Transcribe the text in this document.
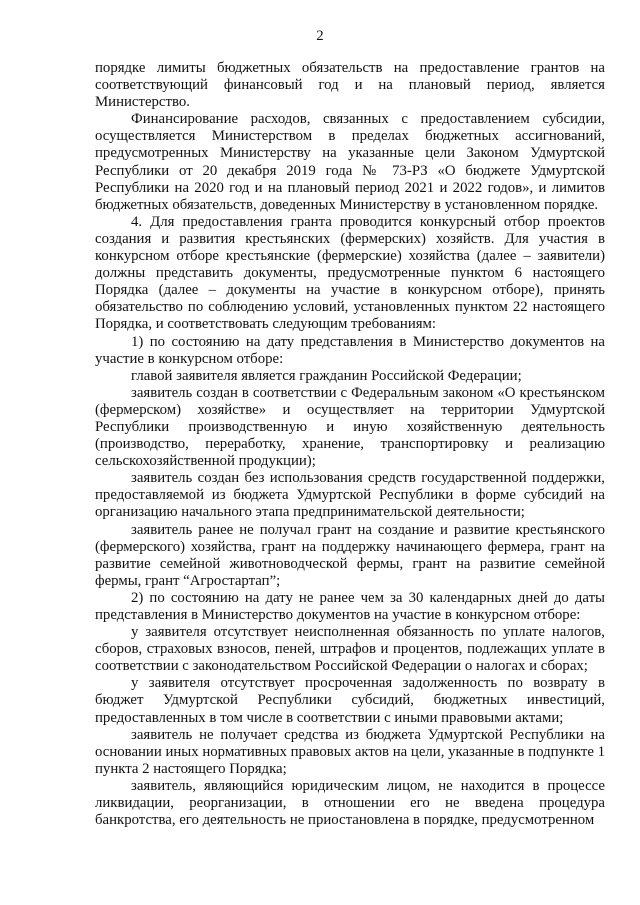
2

порядке лимиты бюджетных обязательств на предоставление грантов на соответствующий финансовый год и на плановый период, является Министерство.

Финансирование расходов, связанных с предоставлением субсидии, осуществляется Министерством в пределах бюджетных ассигнований, предусмотренных Министерству на указанные цели Законом Удмуртской Республики от 20 декабря 2019 года № 73-РЗ «О бюджете Удмуртской Республики на 2020 год и на плановый период 2021 и 2022 годов», и лимитов бюджетных обязательств, доведенных Министерству в установленном порядке.

4. Для предоставления гранта проводится конкурсный отбор проектов создания и развития крестьянских (фермерских) хозяйств. Для участия в конкурсном отборе крестьянские (фермерские) хозяйства (далее – заявители) должны представить документы, предусмотренные пунктом 6 настоящего Порядка (далее – документы на участие в конкурсном отборе), принять обязательство по соблюдению условий, установленных пунктом 22 настоящего Порядка, и соответствовать следующим требованиям:

1) по состоянию на дату представления в Министерство документов на участие в конкурсном отборе:

главой заявителя является гражданин Российской Федерации;

заявитель создан в соответствии с Федеральным законом «О крестьянском (фермерском) хозяйстве» и осуществляет на территории Удмуртской Республики производственную и иную хозяйственную деятельность (производство, переработку, хранение, транспортировку и реализацию сельскохозяйственной продукции);

заявитель создан без использования средств государственной поддержки, предоставляемой из бюджета Удмуртской Республики в форме субсидий на организацию начального этапа предпринимательской деятельности;

заявитель ранее не получал грант на создание и развитие крестьянского (фермерского) хозяйства, грант на поддержку начинающего фермера, грант на развитие семейной животноводческой фермы, грант на развитие семейной фермы, грант “Агростартап”;

2) по состоянию на дату не ранее чем за 30 календарных дней до даты представления в Министерство документов на участие в конкурсном отборе:

у заявителя отсутствует неисполненная обязанность по уплате налогов, сборов, страховых взносов, пеней, штрафов и процентов, подлежащих уплате в соответствии с законодательством Российской Федерации о налогах и сборах;

у заявителя отсутствует просроченная задолженность по возврату в бюджет Удмуртской Республики субсидий, бюджетных инвестиций, предоставленных в том числе в соответствии с иными правовыми актами;

заявитель не получает средства из бюджета Удмуртской Республики на основании иных нормативных правовых актов на цели, указанные в подпункте 1 пункта 2 настоящего Порядка;

заявитель, являющийся юридическим лицом, не находится в процессе ликвидации, реорганизации, в отношении его не введена процедура банкротства, его деятельность не приостановлена в порядке, предусмотренном
